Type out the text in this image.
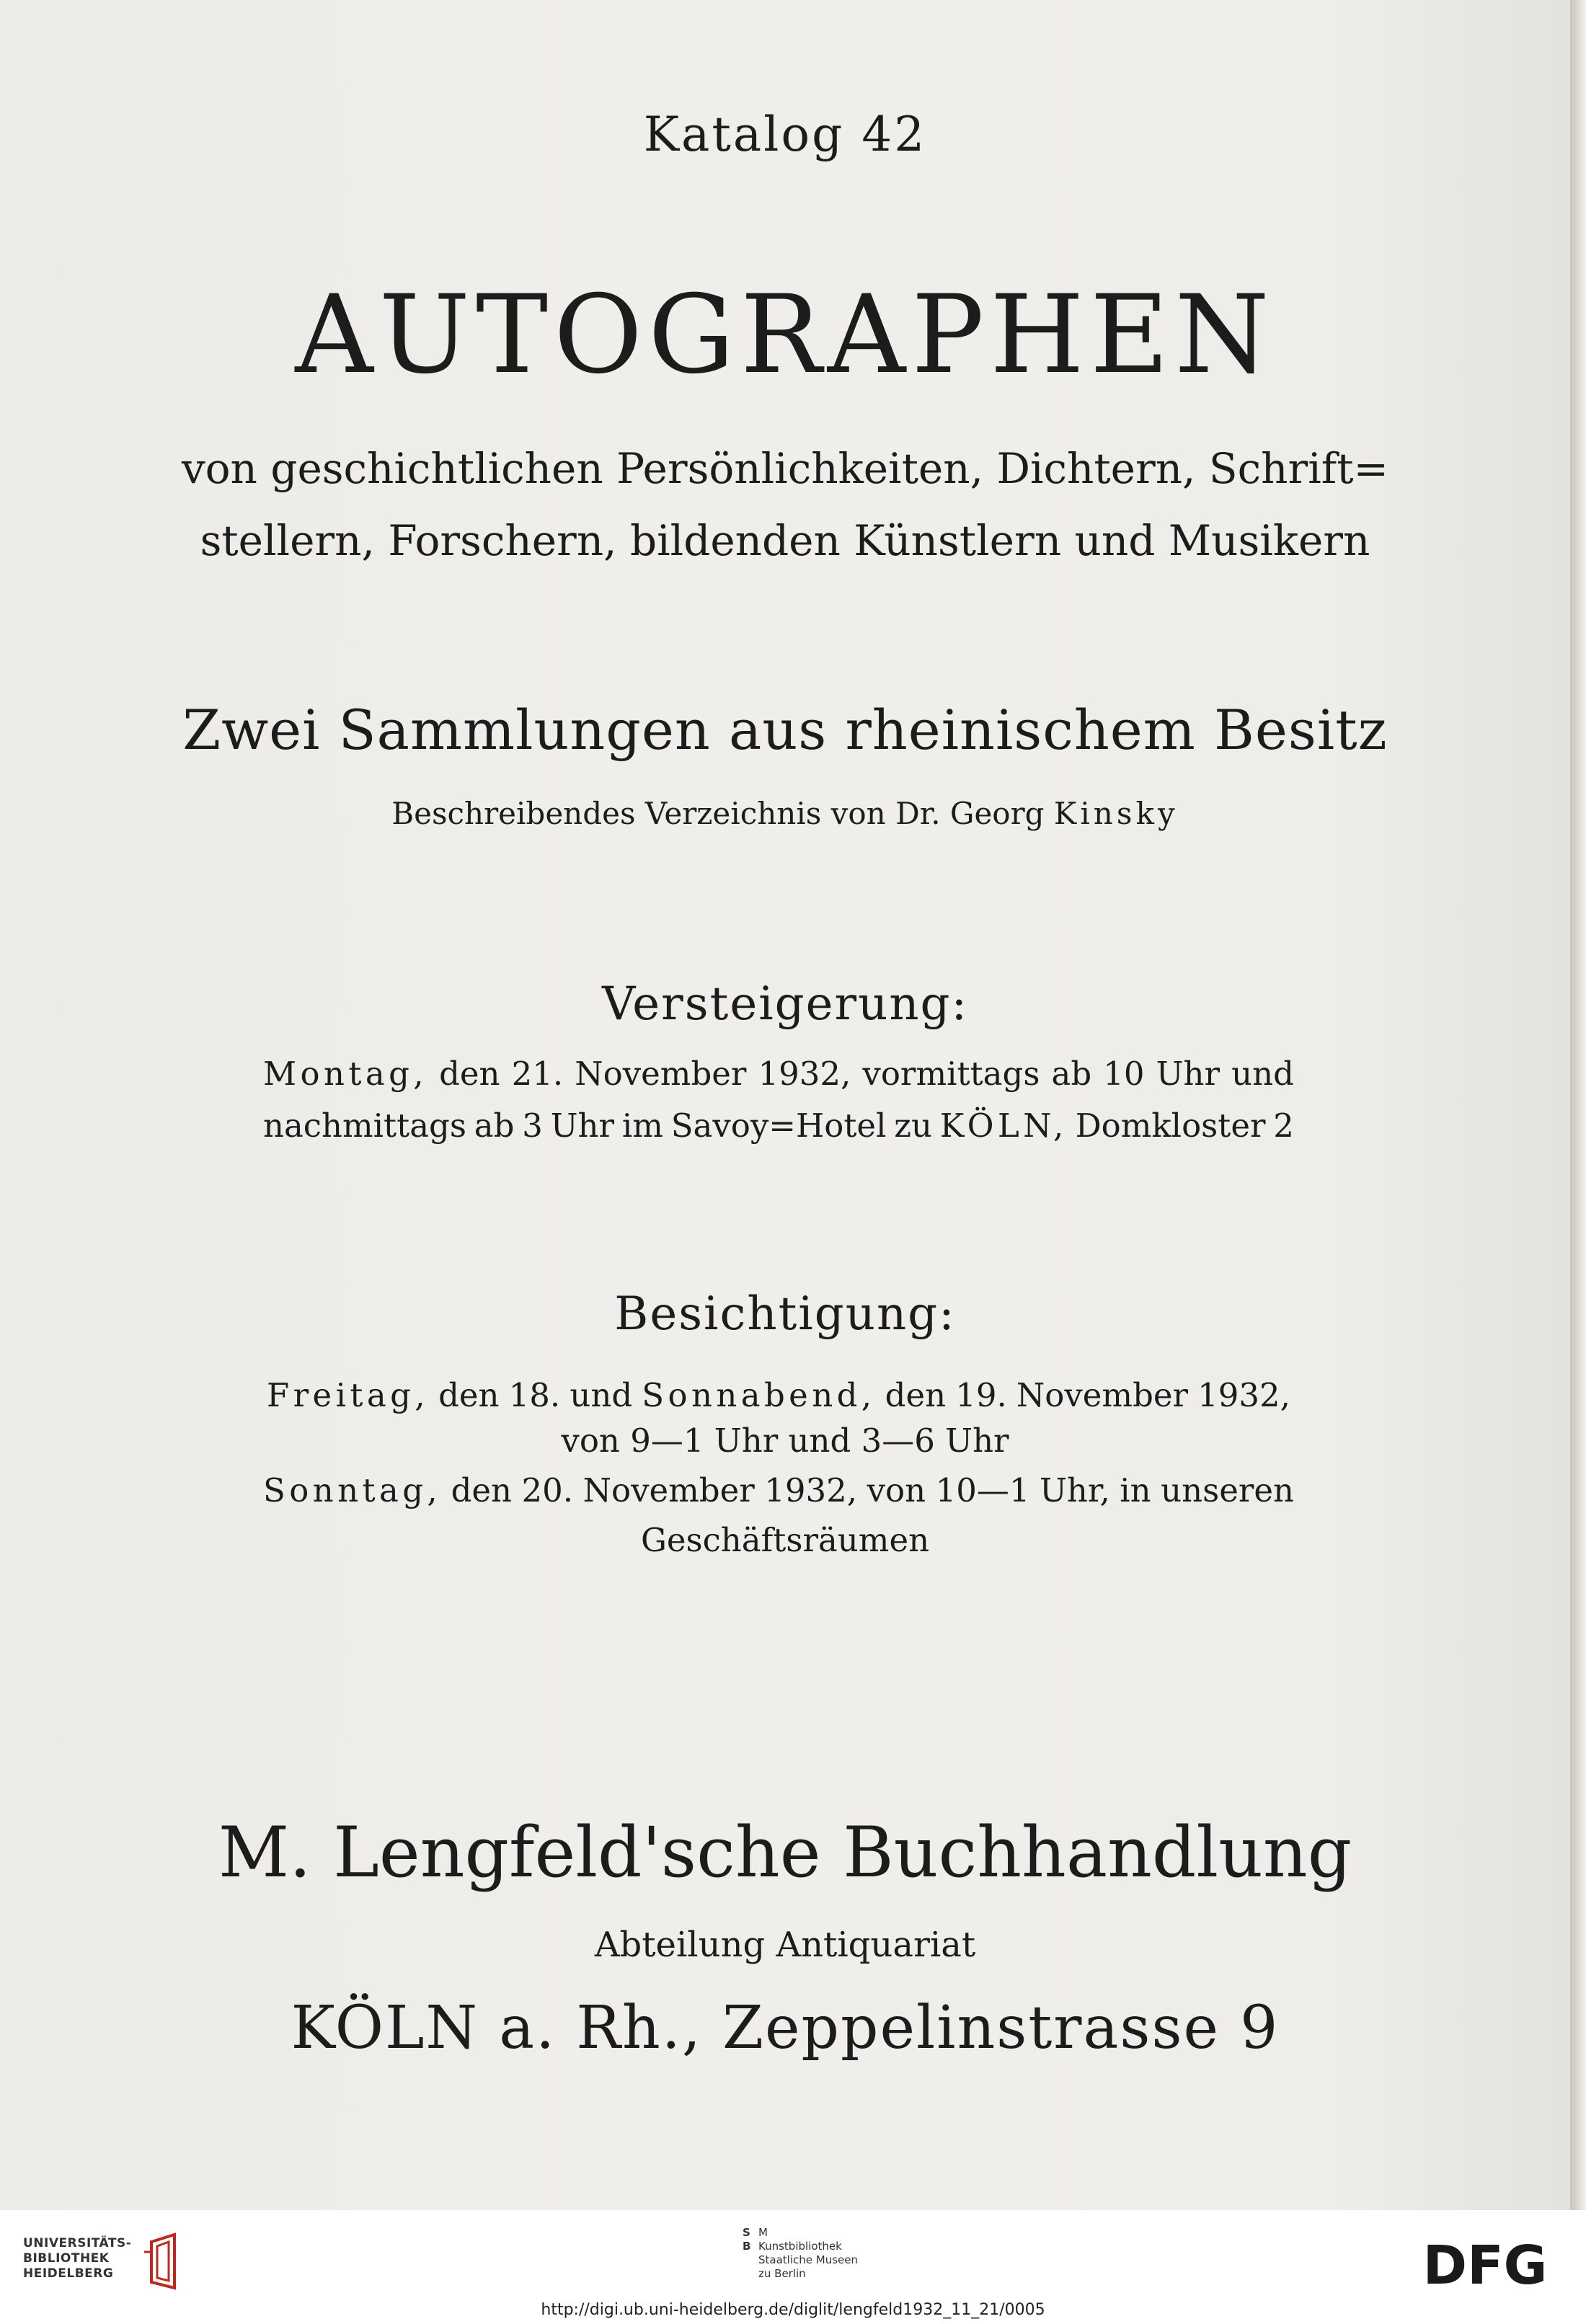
Katalog 42

AUTOGRAPHEN

von geschichtlichen Persönlichkeiten, Dichtern, Schrift=

stellern, Forschern, bildenden Künstlern und Musikern

Zwei Sammlungen aus rheinischem Besitz

Beschreibendes Verzeichnis von Dr. Georg Kinsky

Versteigerung:

Montag, den 21. November 1932, vormittags ab 10 Uhr und
nachmittags ab 3 Uhr im Savoy=Hotel zu KÖLN, Domkloster 2

Besichtigung:

Freitag, den 18. und Sonnabend, den 19. November 1932,

von 9—1 Uhr und 3—6 Uhr

Sonntag, den 20. November 1932, von 10—1 Uhr, in unseren

Geschäftsräumen

M. Lengfeld'sche Buchhandlung

Abteilung Antiquariat

KÖLN a. Rh., Zeppelinstrasse 9

UNIVERSITÄTS-
BIBLIOTHEK
HEIDELBERG
S M
B Kunstbibliothek
Staatliche Museen
zu Berlin	DFG
http://digi.ub.uni-heidelberg.de/diglit/lengfeld1932_11_21/0005
